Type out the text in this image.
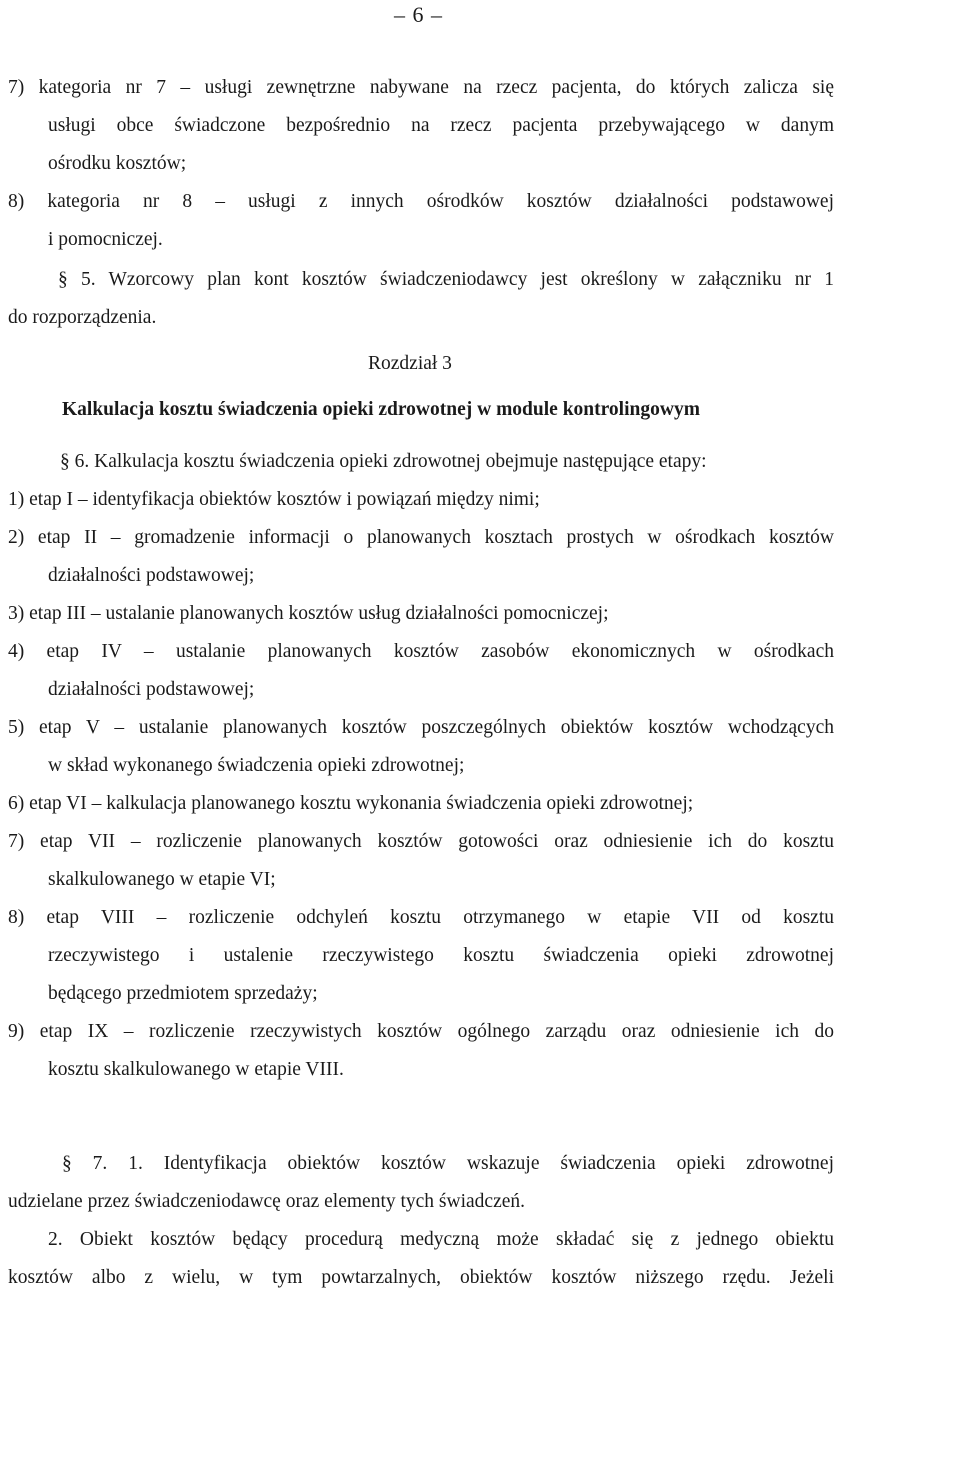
– 6 –
7) kategoria nr 7 – usługi zewnętrzne nabywane na rzecz pacjenta, do których zalicza się
usługi obce świadczone bezpośrednio na rzecz pacjenta przebywającego w danym
ośrodku kosztów;
8) kategoria nr 8 – usługi z innych ośrodków kosztów działalności podstawowej
i pomocniczej.
§ 5. Wzorcowy plan kont kosztów świadczeniodawcy jest określony w załączniku nr 1
do rozporządzenia.
Rozdział 3
Kalkulacja kosztu świadczenia opieki zdrowotnej w module kontrolingowym
§ 6. Kalkulacja kosztu świadczenia opieki zdrowotnej obejmuje następujące etapy:
1) etap I – identyfikacja obiektów kosztów i powiązań między nimi;
2) etap II – gromadzenie informacji o planowanych kosztach prostych w ośrodkach kosztów
działalności podstawowej;
3) etap III – ustalanie planowanych kosztów usług działalności pomocniczej;
4) etap IV – ustalanie planowanych kosztów zasobów ekonomicznych w ośrodkach
działalności podstawowej;
5) etap V – ustalanie planowanych kosztów poszczególnych obiektów kosztów wchodzących
w skład wykonanego świadczenia opieki zdrowotnej;
6) etap VI – kalkulacja planowanego kosztu wykonania świadczenia opieki zdrowotnej;
7) etap VII – rozliczenie planowanych kosztów gotowości oraz odniesienie ich do kosztu
skalkulowanego w etapie VI;
8) etap VIII – rozliczenie odchyleń kosztu otrzymanego w etapie VII od kosztu
rzeczywistego i ustalenie rzeczywistego kosztu świadczenia opieki zdrowotnej
będącego przedmiotem sprzedaży;
9) etap IX – rozliczenie rzeczywistych kosztów ogólnego zarządu oraz odniesienie ich do
kosztu skalkulowanego w etapie VIII.
§ 7. 1. Identyfikacja obiektów kosztów wskazuje świadczenia opieki zdrowotnej
udzielane przez świadczeniodawcę oraz elementy tych świadczeń.
2. Obiekt kosztów będący procedurą medyczną może składać się z jednego obiektu
kosztów albo z wielu, w tym powtarzalnych, obiektów kosztów niższego rzędu. Jeżeli
